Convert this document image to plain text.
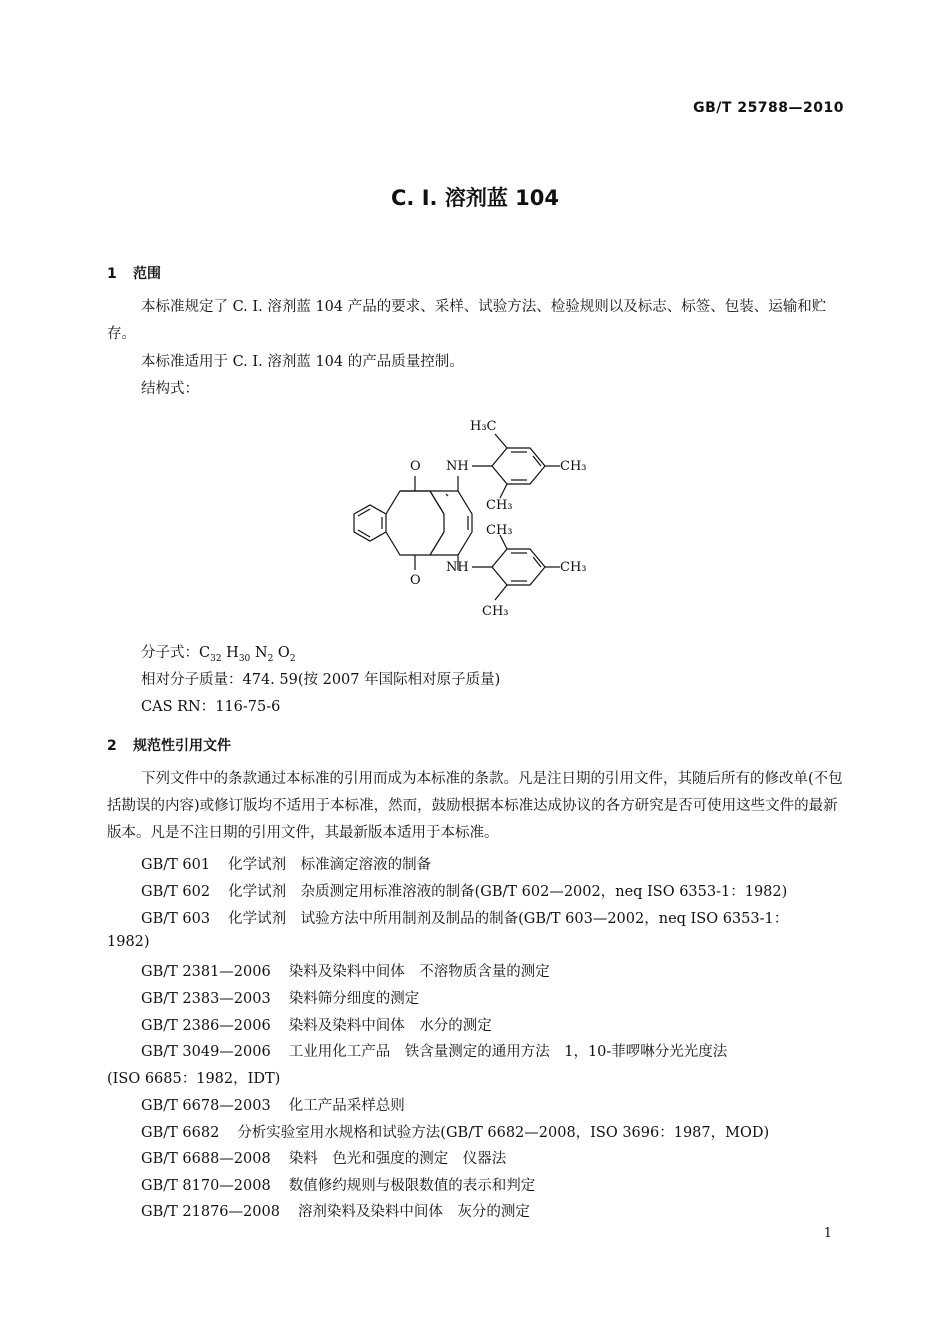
GB/T 25788—2010
C. I. 溶剂蓝 104
1 范围
本标准规定了 C. I. 溶剂蓝 104 产品的要求、采样、试验方法、检验规则以及标志、标签、包装、运输和贮存。
本标准适用于 C. I. 溶剂蓝 104 的产品质量控制。
结构式：
H₃C
CH₃
CH₃
CH₃
CH₃
CH₃
NH
NH
O
O
分子式：$C_{32}$ $H_{30}$ $N_2$ $O_2$
相对分子质量：474. 59(按 2007 年国际相对原子质量)
CAS RN：116-75-6
2 规范性引用文件
下列文件中的条款通过本标准的引用而成为本标准的条款。凡是注日期的引用文件，其随后所有的修改单(不包括勘误的内容)或修订版均不适用于本标准，然而，鼓励根据本标准达成协议的各方研究是否可使用这些文件的最新版本。凡是不注日期的引用文件，其最新版本适用于本标准。
GB/T 601 化学试剂　标准滴定溶液的制备
GB/T 602 化学试剂　杂质测定用标准溶液的制备(GB/T 602—2002，neq ISO 6353-1：1982)
GB/T 603 化学试剂　试验方法中所用制剂及制品的制备(GB/T 603—2002，neq ISO 6353-1：
1982)
GB/T 2381—2006 染料及染料中间体　不溶物质含量的测定
GB/T 2383—2003 染料筛分细度的测定
GB/T 2386—2006 染料及染料中间体　水分的测定
GB/T 3049—2006 工业用化工产品　铁含量测定的通用方法　1，10-菲啰啉分光光度法
(ISO 6685：1982，IDT)
GB/T 6678—2003 化工产品采样总则
GB/T 6682 分析实验室用水规格和试验方法(GB/T 6682—2008，ISO 3696：1987，MOD)
GB/T 6688—2008 染料　色光和强度的测定　仪器法
GB/T 8170—2008 数值修约规则与极限数值的表示和判定
GB/T 21876—2008 溶剂染料及染料中间体　灰分的测定
1
